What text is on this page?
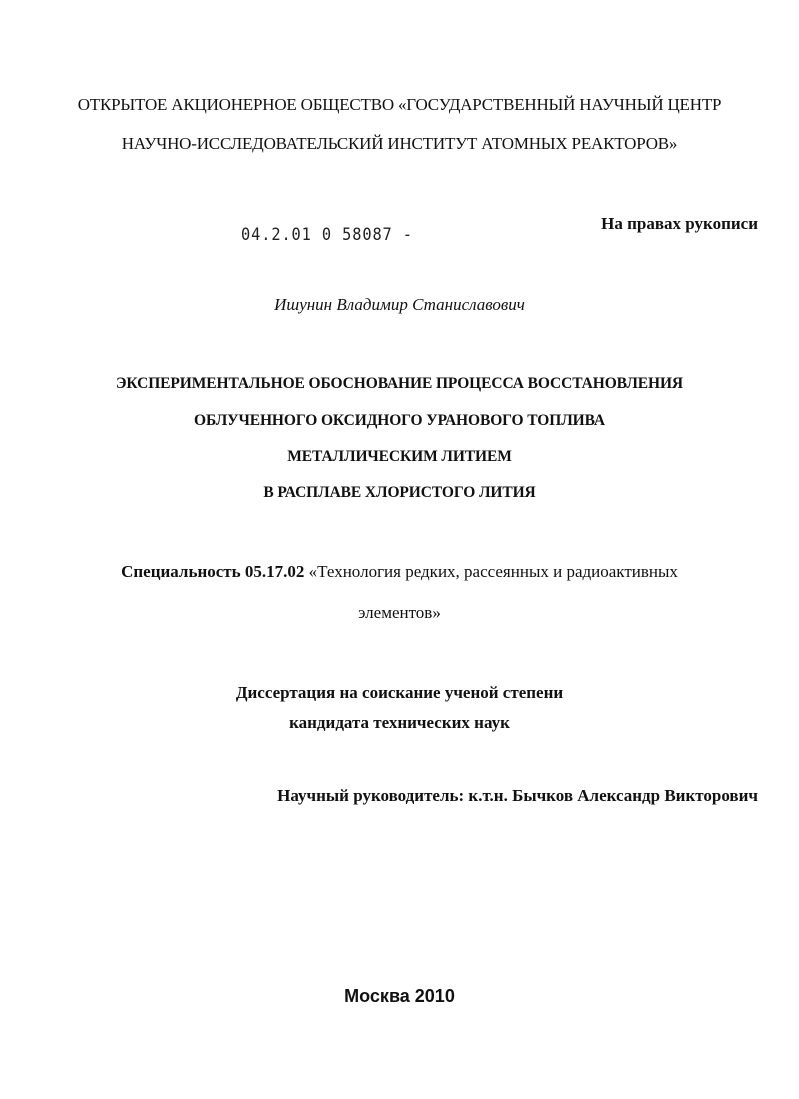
ОТКРЫТОЕ АКЦИОНЕРНОЕ ОБЩЕСТВО «ГОСУДАРСТВЕННЫЙ НАУЧНЫЙ ЦЕНТР
НАУЧНО-ИССЛЕДОВАТЕЛЬСКИЙ ИНСТИТУТ АТОМНЫХ РЕАКТОРОВ»
04.2.01 0 58087 -
На правах рукописи
Ишунин Владимир Станиславович
ЭКСПЕРИМЕНТАЛЬНОЕ ОБОСНОВАНИЕ ПРОЦЕССА ВОССТАНОВЛЕНИЯ
ОБЛУЧЕННОГО ОКСИДНОГО УРАНОВОГО ТОПЛИВА
МЕТАЛЛИЧЕСКИМ ЛИТИЕМ
В РАСПЛАВЕ ХЛОРИСТОГО ЛИТИЯ
Специальность 05.17.02 «Технология редких, рассеянных и радиоактивных
элементов»
Диссертация на соискание ученой степени
кандидата технических наук
Научный руководитель: к.т.н. Бычков Александр Викторович
Москва 2010
